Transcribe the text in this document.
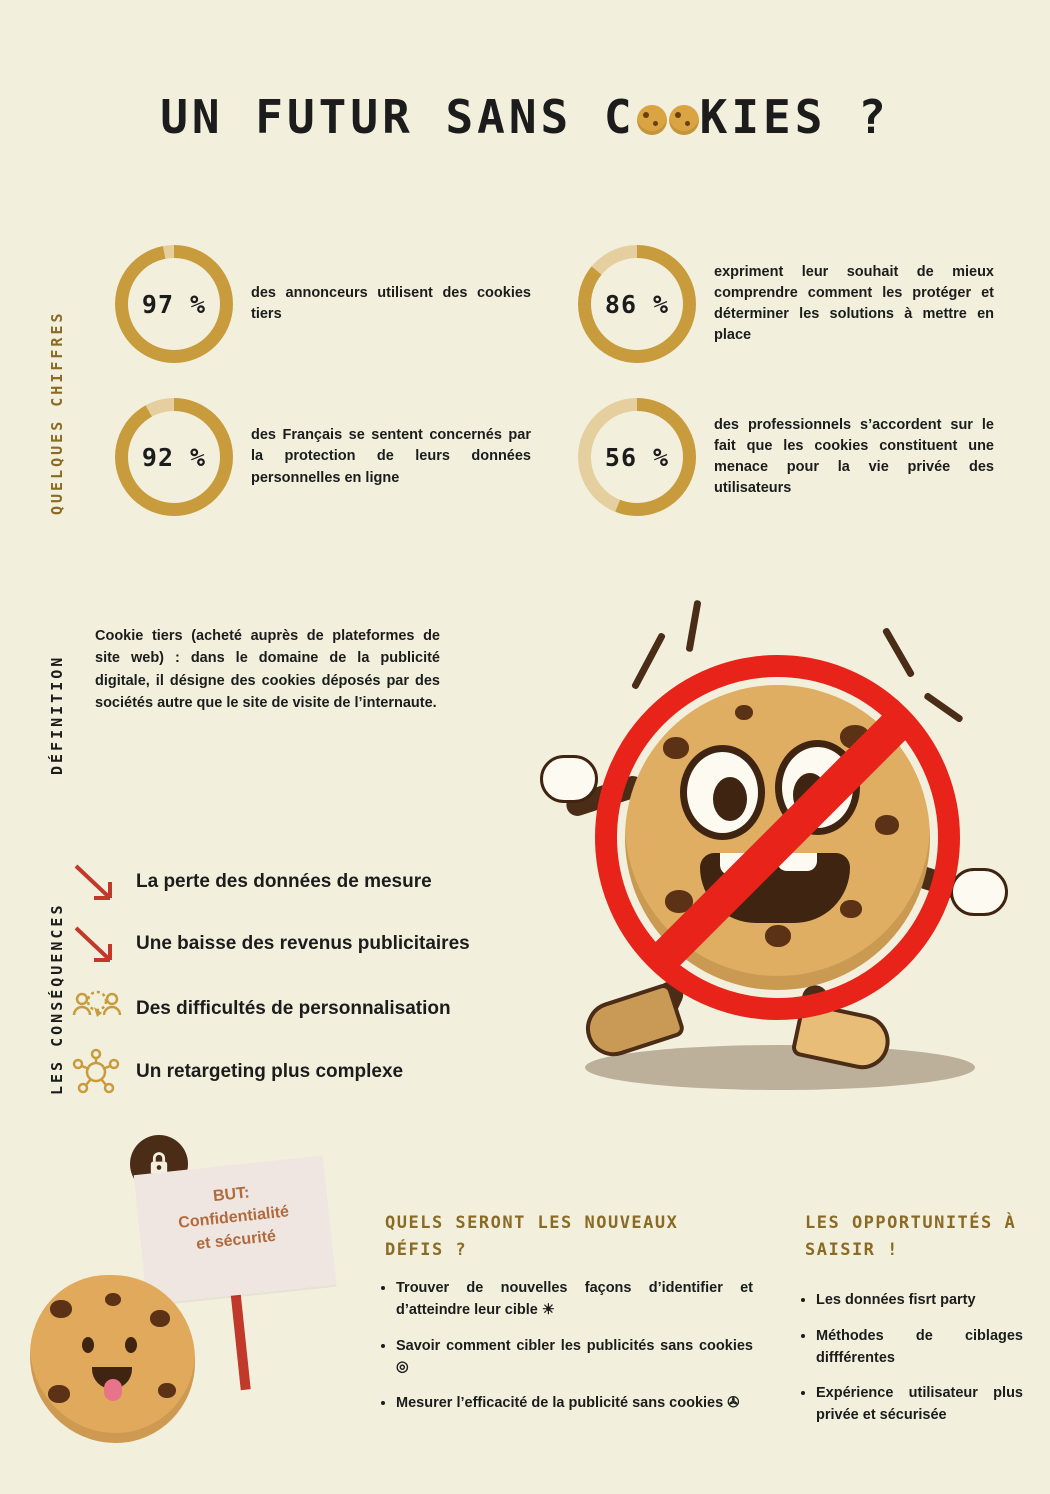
UN FUTUR SANS C KIES ?
QUELQUES CHIFFRES
97 %	des annonceurs utilisent des cookies tiers	86 %
expriment leur souhait de mieux comprendre comment les protéger et déterminer les solutions à mettre en place
92 %
des Français se sentent concernés par la protection de leurs données personnelles en ligne
56 %
des professionnels s’accordent sur le fait que les cookies constituent une menace pour la vie privée des utilisateurs
DÉFINITION
Cookie tiers (acheté auprès de plateformes de site web) : dans le domaine de la publicité digitale, il désigne des cookies déposés par des sociétés autre que le site de visite de l’internaute.
LES CONSÉQUENCES
La perte des données de mesure
Une baisse des revenus publicitaires
Des difficultés de personnalisation
Un retargeting plus complexe
BUT:
Confidentialité
et sécurité
QUELS SERONT LES NOUVEAUX DÉFIS ?
• Trouver de nouvelles façons d’identifier et d’atteindre leur cible ☀
• Savoir comment cibler les publicités sans cookies ◎
• Mesurer l’efficacité de la publicité sans cookies ✇
LES OPPORTUNITÉS À SAISIR !
• Les données fisrt party
• Méthodes de ciblages diffférentes
• Expérience utilisateur plus privée et sécurisée
